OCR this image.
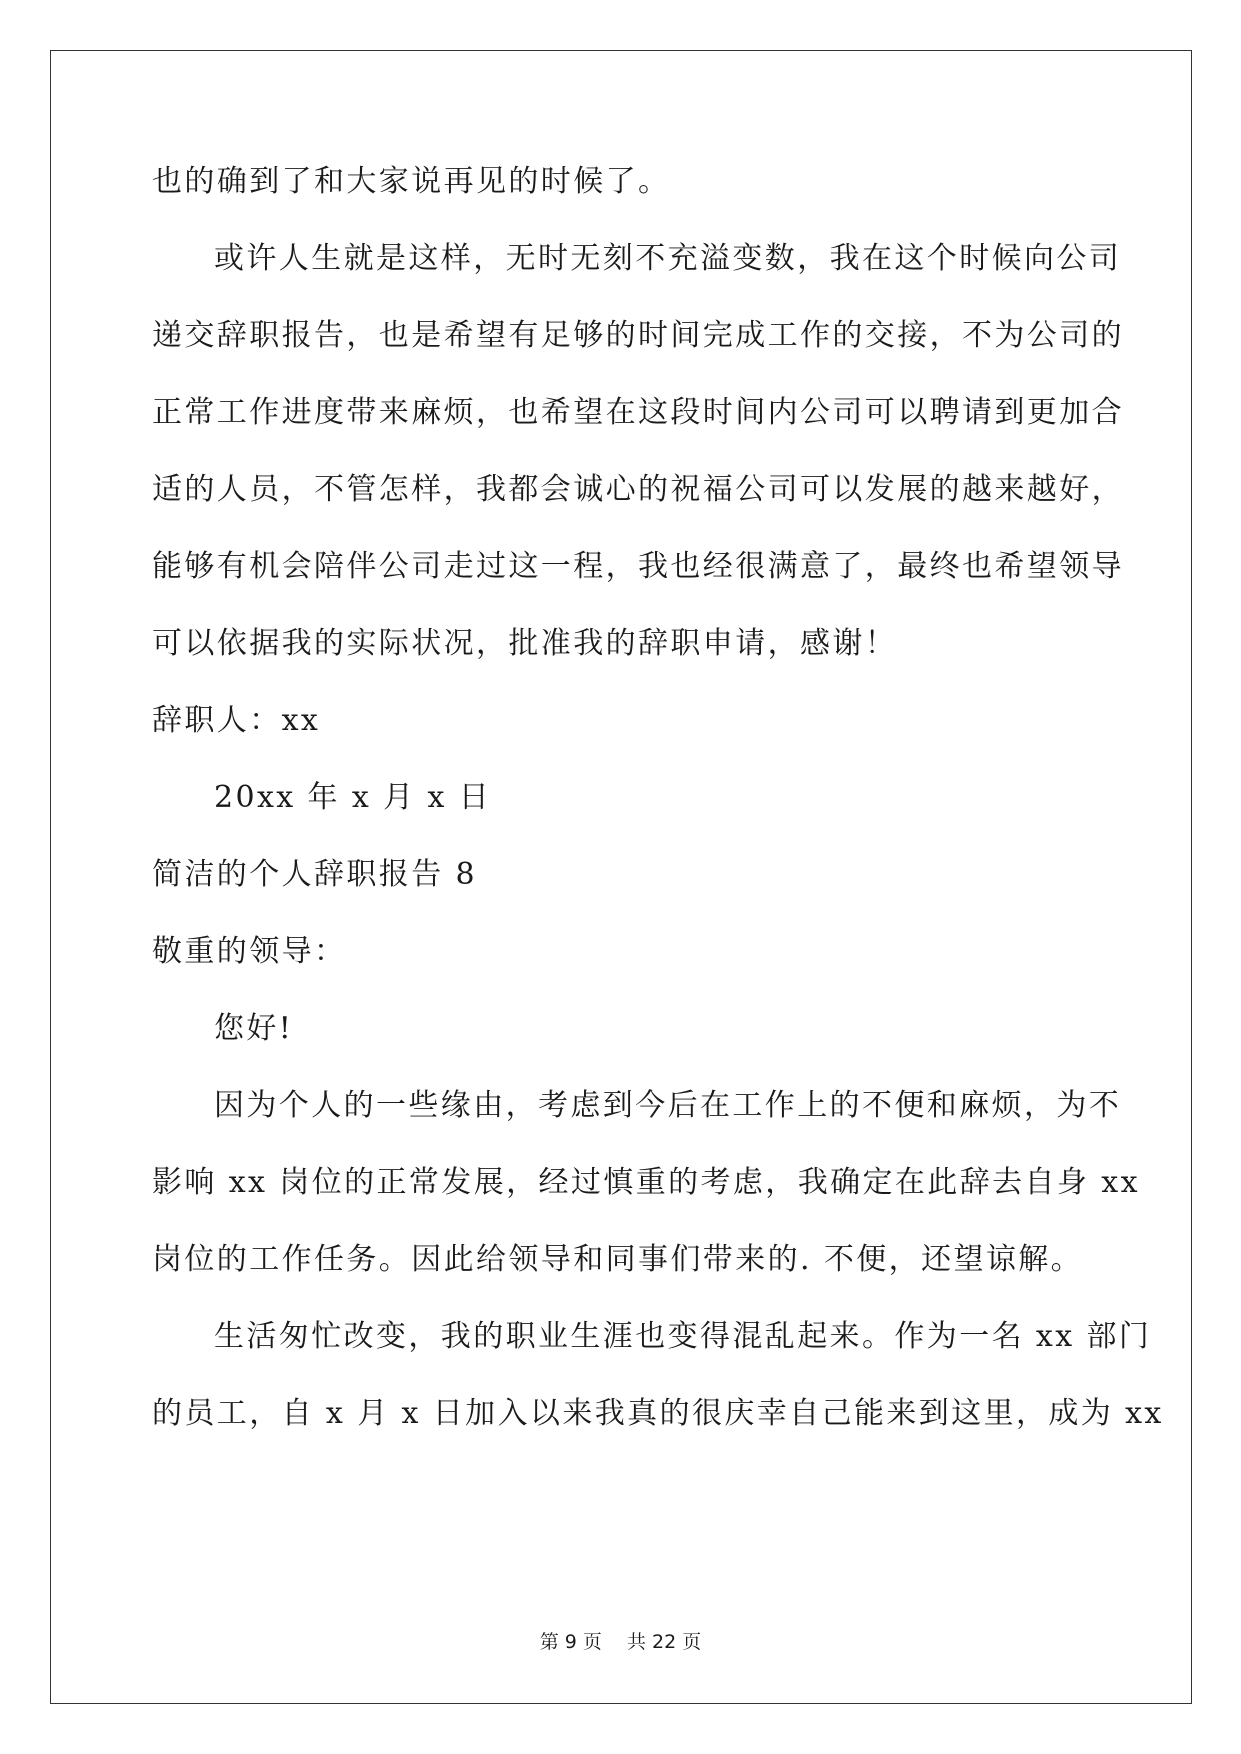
也的确到了和大家说再见的时候了。
或许人生就是这样，无时无刻不充溢变数，我在这个时候向公司
递交辞职报告，也是希望有足够的时间完成工作的交接，不为公司的
正常工作进度带来麻烦，也希望在这段时间内公司可以聘请到更加合
适的人员，不管怎样，我都会诚心的祝福公司可以发展的越来越好，
能够有机会陪伴公司走过这一程，我也经很满意了，最终也希望领导
可以依据我的实际状况，批准我的辞职申请，感谢！
辞职人：xx
20xx 年 x 月 x 日
简洁的个人辞职报告 8
敬重的领导：
您好!
因为个人的一些缘由，考虑到今后在工作上的不便和麻烦，为不
影响 xx 岗位的正常发展，经过慎重的考虑，我确定在此辞去自身 xx
岗位的工作任务。因此给领导和同事们带来的. 不便，还望谅解。
生活匆忙改变，我的职业生涯也变得混乱起来。作为一名 xx 部门
的员工，自 x 月 x 日加入以来我真的很庆幸自己能来到这里，成为 xx
第 9 页　 共 22 页
